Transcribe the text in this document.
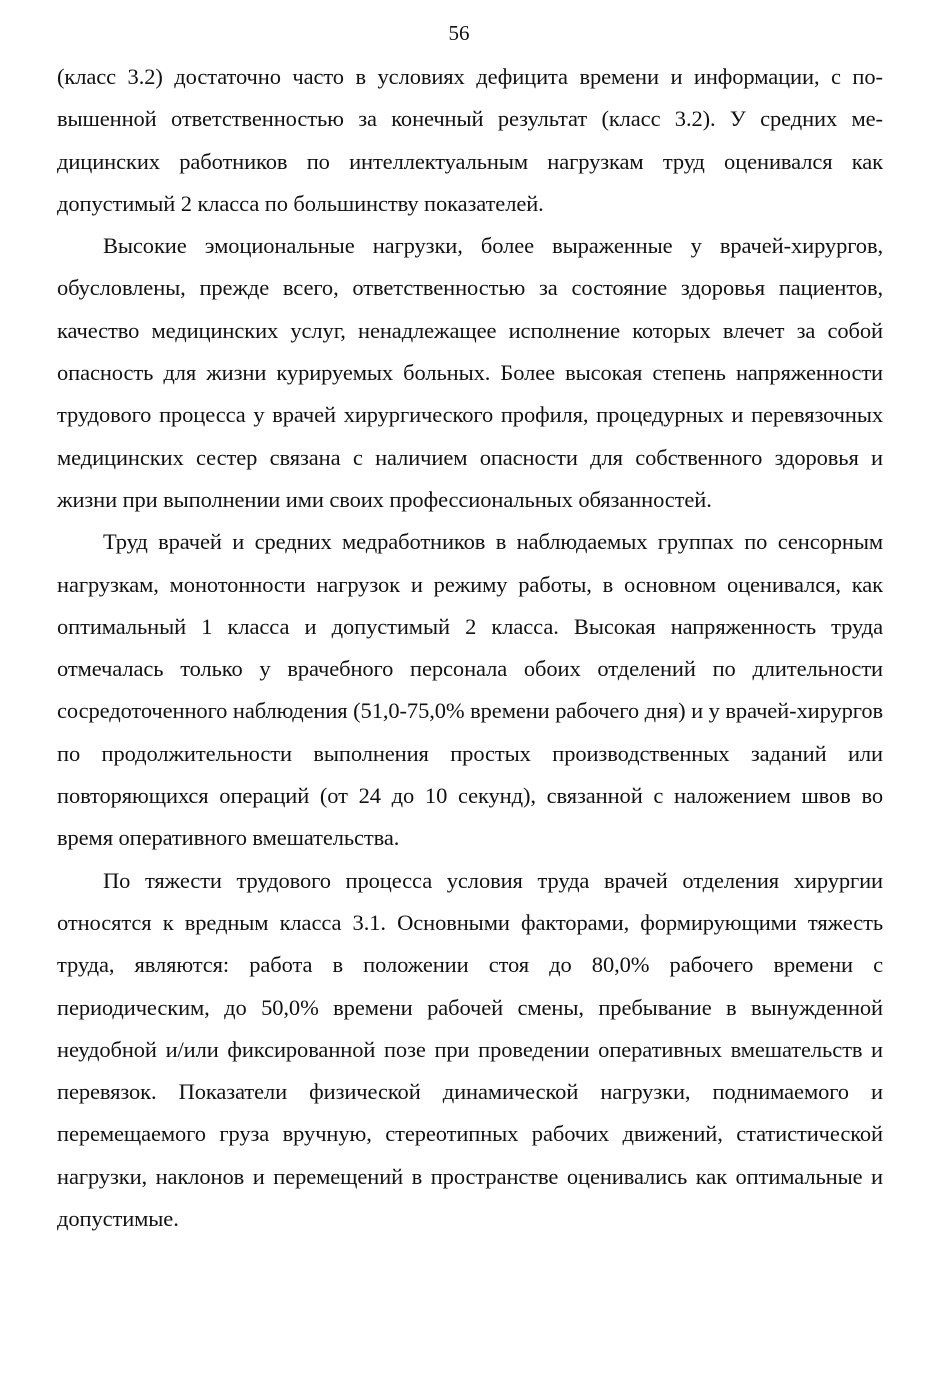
56

(класс 3.2) достаточно часто в условиях дефицита времени и информации, с повышенной ответственностью за конечный результат (класс 3.2). У средних медицинских работников по интеллектуальным нагрузкам труд оценивался как допустимый 2 класса по большинству показателей.

Высокие эмоциональные нагрузки, более выраженные у врачей-хирургов, обусловлены, прежде всего, ответственностью за состояние здоровья пациентов, качество медицинских услуг, ненадлежащее исполнение которых влечет за собой опасность для жизни курируемых больных. Более высокая степень напряженности трудового процесса у врачей хирургического профиля, процедурных и перевязочных медицинских сестер связана с наличием опасности для собственного здоровья и жизни при выполнении ими своих профессиональных обязанностей.

Труд врачей и средних медработников в наблюдаемых группах по сенсорным нагрузкам, монотонности нагрузок и режиму работы, в основном оценивался, как оптимальный 1 класса и допустимый 2 класса. Высокая напряженность труда отмечалась только у врачебного персонала обоих отделений по длительности сосредоточенного наблюдения (51,0-75,0% времени рабочего дня) и у врачей-хирургов по продолжительности выполнения простых производственных заданий или повторяющихся операций (от 24 до 10 секунд), связанной с наложением швов во время оперативного вмешательства.

По тяжести трудового процесса условия труда врачей отделения хирургии относятся к вредным класса 3.1. Основными факторами, формирующими тяжесть труда, являются: работа в положении стоя до 80,0% рабочего времени с периодическим, до 50,0% времени рабочей смены, пребывание в вынужденной неудобной и/или фиксированной позе при проведении оперативных вмешательств и перевязок. Показатели физической динамической нагрузки, поднимаемого и перемещаемого груза вручную, стереотипных рабочих движений, статистической нагрузки, наклонов и перемещений в пространстве оценивались как оптимальные и допустимые.
